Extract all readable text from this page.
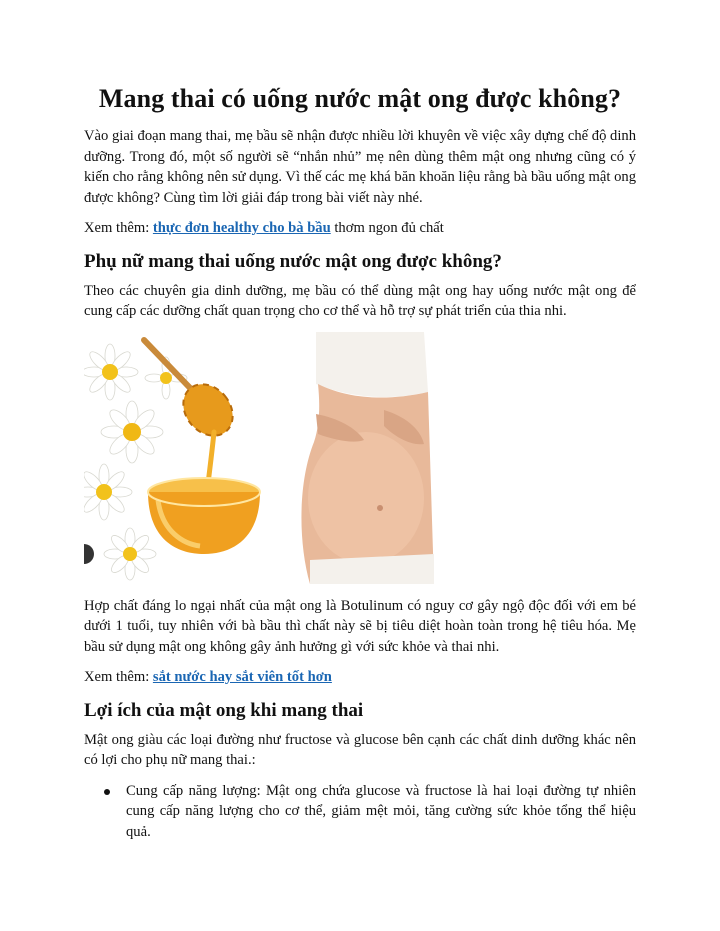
Mang thai có uống nước mật ong được không?

Vào giai đoạn mang thai, mẹ bầu sẽ nhận được nhiều lời khuyên về việc xây dựng chế độ dinh dưỡng. Trong đó, một số người sẽ “nhắn nhủ” mẹ nên dùng thêm mật ong nhưng cũng có ý kiến cho rằng không nên sử dụng. Vì thế các mẹ khá băn khoăn liệu rằng bà bầu uống mật ong được không? Cùng tìm lời giải đáp trong bài viết này nhé.

Xem thêm: thực đơn healthy cho bà bầu thơm ngon đủ chất

Phụ nữ mang thai uống nước mật ong được không?

Theo các chuyên gia dinh dưỡng, mẹ bầu có thể dùng mật ong hay uống nước mật ong để cung cấp các dưỡng chất quan trọng cho cơ thể và hỗ trợ sự phát triển của thia nhi.

Hợp chất đáng lo ngại nhất của mật ong là Botulinum có nguy cơ gây ngộ độc đối với em bé dưới 1 tuổi, tuy nhiên với bà bầu thì chất này sẽ bị tiêu diệt hoàn toàn trong hệ tiêu hóa. Mẹ bầu sử dụng mật ong không gây ảnh hưởng gì với sức khỏe và thai nhi.

Xem thêm: sắt nước hay sắt viên tốt hơn

Lợi ích của mật ong khi mang thai

Mật ong giàu các loại đường như fructose và glucose bên cạnh các chất dinh dưỡng khác nên có lợi cho phụ nữ mang thai.:

Cung cấp năng lượng: Mật ong chứa glucose và fructose là hai loại đường tự nhiên cung cấp năng lượng cho cơ thể, giảm mệt mỏi, tăng cường sức khỏe tổng thể hiệu quả.
